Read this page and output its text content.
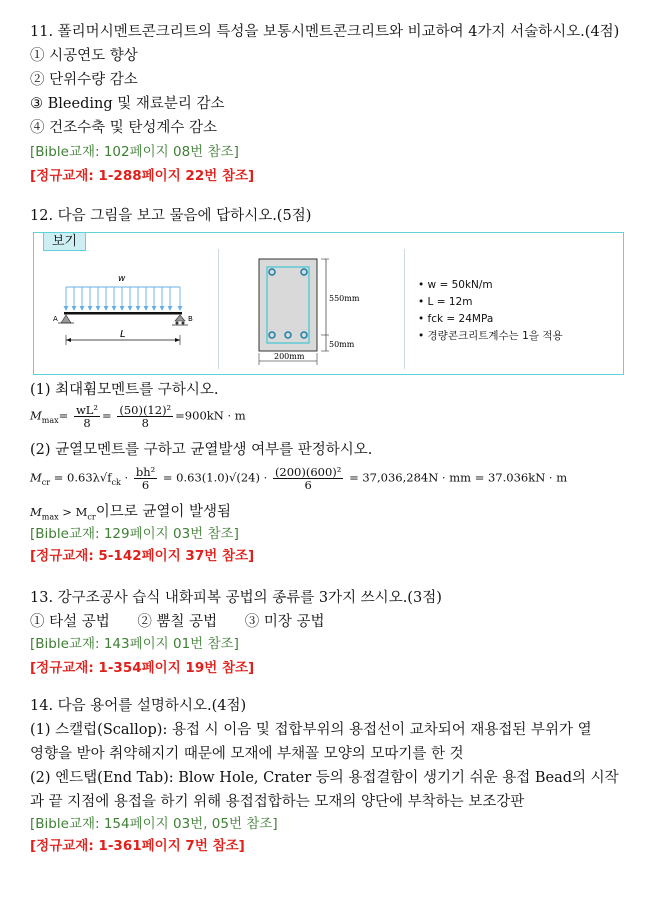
11. 폴리머시멘트콘크리트의 특성을 보통시멘트콘크리트와 비교하여 4가지 서술하시오.(4점)
① 시공연도 향상
② 단위수량 감소
③ Bleeding 및 재료분리 감소
④ 건조수축 및 탄성계수 감소
[Bible교재: 102페이지 08번 참조]
[정규교재: 1-288페이지 22번 참조]
12. 다음 그림을 보고 물음에 답하시오.(5점)
보기
w
A	B
L
550mm
50mm
200mm
• w = 50kN/m
• L = 12m
• fck = 24MPa
• 경량콘크리트계수는 1을 적용
(1) 최대휨모멘트를 구하시오.
$M_{max}= \frac{\text{wL²}}{8} = \frac{\text{(50)(12)²}}{8} =900kN \cdot m$
(2) 균열모멘트를 구하고 균열발생 여부를 판정하시오.
$M_{cr} = 0.63\lambda√f_{ck} \cdot \frac{\text{bh²}}{6} = 0.63(1.0)√(24) \cdot \frac{\text{(200)(600)²}}{6} = 37,036,284N$ · mm = 37.036kN · m
$M_{max} > M_{cr}$이므로 균열이 발생됨
[Bible교재: 129페이지 03번 참조]
[정규교재: 5-142페이지 37번 참조]
13. 강구조공사 습식 내화피복 공법의 종류를 3가지 쓰시오.(3점)
① 타설 공법      ② 뿜칠 공법      ③ 미장 공법
[Bible교재: 143페이지 01번 참조]
[정규교재: 1-354페이지 19번 참조]
14. 다음 용어를 설명하시오.(4점)
(1) 스캘럽(Scallop): 용접 시 이음 및 접합부위의 용접선이 교차되어 재용접된 부위가 열
영향을 받아 취약해지기 때문에 모재에 부채꼴 모양의 모따기를 한 것
(2) 엔드탭(End Tab): Blow Hole, Crater 등의 용접결함이 생기기 쉬운 용접 Bead의 시작
과 끝 지점에 용접을 하기 위해 용접접합하는 모재의 양단에 부착하는 보조강판
[Bible교재: 154페이지 03번, 05번 참조]
[정규교재: 1-361페이지 7번 참조]
